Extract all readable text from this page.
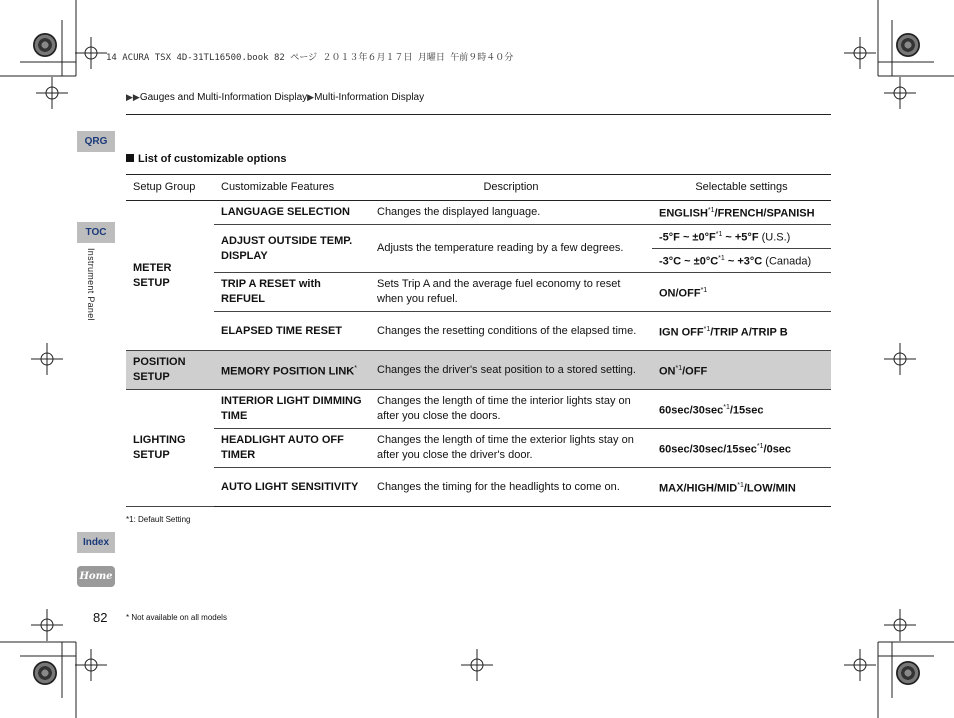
14 ACURA TSX 4D-31TL16500.book 82 ページ ２０１３年６月１７日 月曜日 午前９時４０分
▶▶Gauges and Multi-Information Display▶Multi-Information Display
QRG
TOC
Instrument Panel
Index
Home
List of customizable options
Setup Group	Customizable Features	Description	Selectable settings
METER SETUP	LANGUAGE SELECTION	Changes the displayed language.	ENGLISH$^{*1}$/FRENCH/SPANISH
	ADJUST OUTSIDE TEMP. DISPLAY	Adjusts the temperature reading by a few degrees.	-5°F ~ $\pm 0^\circ F^{*1}$ ~ +5°F (U.S.)
			-3°C ~ $\pm 0^\circ C^{*1}$ ~ +3°C (Canada)
	TRIP A RESET with REFUEL	Sets Trip A and the average fuel economy to reset when you refuel.	ON/OFF$^{*1}$
	ELAPSED TIME RESET	Changes the resetting conditions of the elapsed time.	IGN OFF$^{*1}$/TRIP A/TRIP B
POSITION SETUP	MEMORY POSITION LINK*	Changes the driver's seat position to a stored setting.	ON$^{*1}$/OFF
LIGHTING SETUP	INTERIOR LIGHT DIMMING TIME	Changes the length of time the interior lights stay on after you close the doors.	$60\sec/30\sec^{*1}/15\sec$
	HEADLIGHT AUTO OFF TIMER	Changes the length of time the exterior lights stay on after you close the driver's door.	$60\sec/30\sec/15\sec^{*1}/0\sec$
	AUTO LIGHT SENSITIVITY	Changes the timing for the headlights to come on.	MAX/HIGH/MID$^{*1}$/LOW/MIN
*1: Default Setting
82 * Not available on all models
